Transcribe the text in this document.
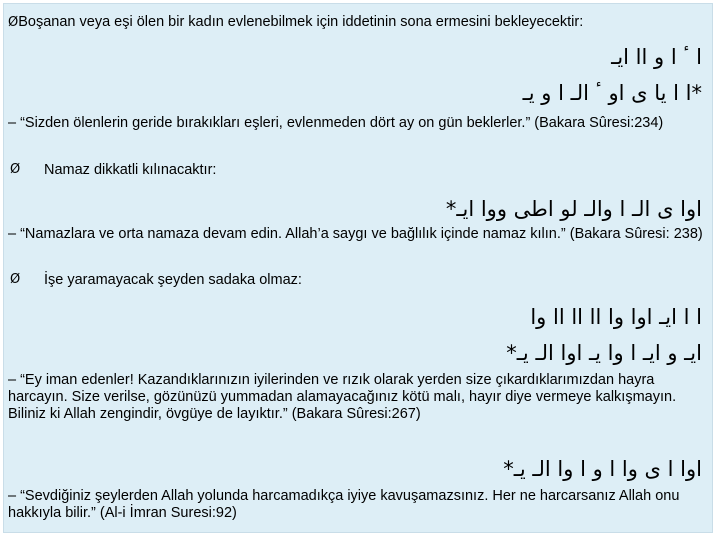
ØBoşanan veya eşi ölen bir kadın evlenebilmek için iddetinin sona ermesini bekleyecektir:
ا ٴ ا و اا ايـ
*ا ا يا ى او ٴ الـ ا و يـ
– “Sizden ölenlerin geride bırakıkları eşleri, evlenmeden dört ay on gün beklerler.” (Bakara Sûresi:234)
Ø Namaz dikkatli kılınacaktır:
اوا ى الـ ا والـ لو اطى ووا ايـ*
– “Namazlara ve orta namaza devam edin. Allah’a saygı ve bağlılık içinde namaz kılın.” (Bakara Sûresi: 238)
Ø İşe yaramayacak şeyden sadaka olmaz:
ا ا ايـ اوا وا اا اا اا وا
ايـ و ايـ ا وا يـ اوا الـ يـ*
– “Ey iman edenler! Kazandıklarınızın iyilerinden ve rızık olarak yerden size çıkardıklarımızdan hayra harcayın. Size verilse, gözünüzü yummadan alamayacağınız kötü malı, hayır diye vermeye kalkışmayın. Biliniz ki Allah zengindir, övgüye de layıktır.” (Bakara Sûresi:267)
اوا ا ى وا ا و ا وا الـ يـ*
– “Sevdiğiniz şeylerden Allah yolunda harcamadıkça iyiye kavuşamazsınız. Her ne harcarsanız Allah onu hakkıyla bilir.” (Al-i İmran Suresi:92)
